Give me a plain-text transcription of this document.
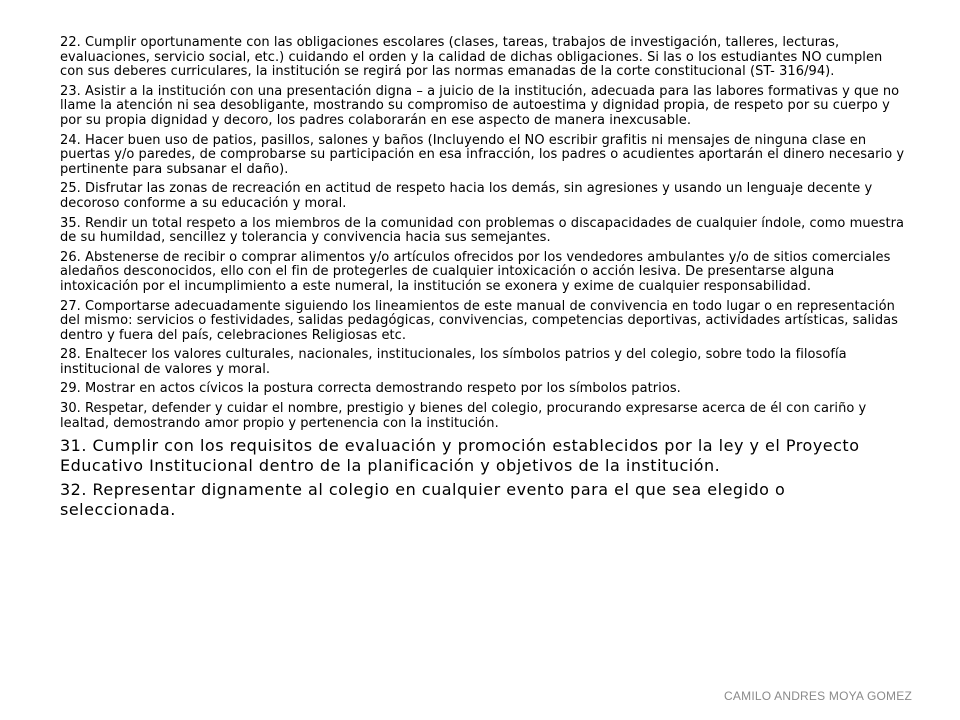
22. Cumplir oportunamente con las obligaciones escolares (clases, tareas, trabajos de investigación, talleres, lecturas, evaluaciones, servicio social, etc.) cuidando el orden y la calidad de dichas obligaciones. Si las o los estudiantes NO cumplen con sus deberes curriculares, la institución se regirá por las normas emanadas de la corte constitucional (ST- 316/94).

23. Asistir a la institución con una presentación digna – a juicio de la institución, adecuada para las labores formativas y que no llame la atención ni sea desobligante, mostrando su compromiso de autoestima y dignidad propia, de respeto por su cuerpo y por su propia dignidad y decoro, los padres colaborarán en ese aspecto de manera inexcusable.

24. Hacer buen uso de patios, pasillos, salones y baños (Incluyendo el NO escribir grafitis ni mensajes de ninguna clase en puertas y/o paredes, de comprobarse su participación en esa infracción, los padres o acudientes aportarán el dinero necesario y pertinente para subsanar el daño).

25. Disfrutar las zonas de recreación en actitud de respeto hacia los demás, sin agresiones y usando un lenguaje decente y decoroso conforme a su educación y moral.

35. Rendir un total respeto a los miembros de la comunidad con problemas o discapacidades de cualquier índole, como muestra de su humildad, sencillez y tolerancia y convivencia hacia sus semejantes.

26. Abstenerse de recibir o comprar alimentos y/o artículos ofrecidos por los vendedores ambulantes y/o de sitios comerciales aledaños desconocidos, ello con el fin de protegerles de cualquier intoxicación o acción lesiva. De presentarse alguna intoxicación por el incumplimiento a este numeral, la institución se exonera y exime de cualquier responsabilidad.

27. Comportarse adecuadamente siguiendo los lineamientos de este manual de convivencia en todo lugar o en representación del mismo: servicios o festividades, salidas pedagógicas, convivencias, competencias deportivas, actividades artísticas, salidas dentro y fuera del país, celebraciones Religiosas etc.

28. Enaltecer los valores culturales, nacionales, institucionales, los símbolos patrios y del colegio, sobre todo la filosofía institucional de valores y moral.

29. Mostrar en actos cívicos la postura correcta demostrando respeto por los símbolos patrios.

30. Respetar, defender y cuidar el nombre, prestigio y bienes del colegio, procurando expresarse acerca de él con cariño y lealtad, demostrando amor propio y pertenencia con la institución.

31. Cumplir con los requisitos de evaluación y promoción establecidos por la ley y el Proyecto Educativo Institucional dentro de la planificación y objetivos de la institución.

32. Representar dignamente al colegio en cualquier evento para el que sea elegido o seleccionada.

CAMILO ANDRES MOYA GOMEZ
